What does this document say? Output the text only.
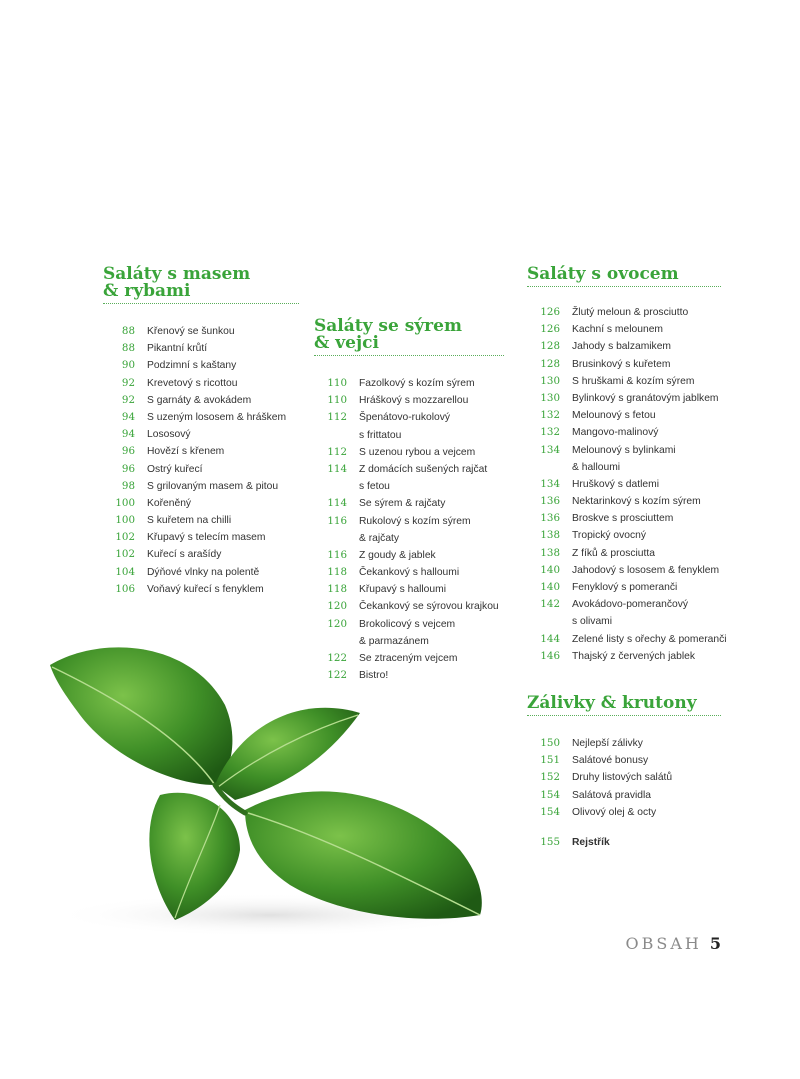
Saláty s masem
& rybami
88 Křenový se šunkou
88 Pikantní krůtí
90 Podzimní s kaštany
92 Krevetový s ricottou
92 S garnáty & avokádem
94 S uzeným lososem & hráškem
94 Lososový
96 Hovězí s křenem
96 Ostrý kuřecí
98 S grilovaným masem & pitou
100 Kořeněný
100 S kuřetem na chilli
102 Křupavý s telecím masem
102 Kuřecí s arašídy
104 Dýňové vlnky na polentě
106 Voňavý kuřecí s fenyklem
Saláty se sýrem
& vejci
110 Fazolkový s kozím sýrem
110 Hráškový s mozzarellou
112 Špenátovo-rukolový
s frittatou
112 S uzenou rybou a vejcem
114 Z domácích sušených rajčat
s fetou
114 Se sýrem & rajčaty
116 Rukolový s kozím sýrem
& rajčaty
116 Z goudy & jablek
118 Čekankový s halloumi
118 Křupavý s halloumi
120 Čekankový se sýrovou krajkou
120 Brokolicový s vejcem
& parmazánem
122 Se ztraceným vejcem
122 Bistro!
Saláty s ovocem
126 Žlutý meloun & prosciutto
126 Kachní s melounem
128 Jahody s balzamikem
128 Brusinkový s kuřetem
130 S hruškami & kozím sýrem
130 Bylinkový s granátovým jablkem
132 Melounový s fetou
132 Mangovo-malinový
134 Melounový s bylinkami
& halloumi
134 Hruškový s datlemi
136 Nektarinkový s kozím sýrem
136 Broskve s prosciuttem
138 Tropický ovocný
138 Z fíků & prosciutta
140 Jahodový s lososem & fenyklem
140 Fenyklový s pomeranči
142 Avokádovo-pomerančový
s olivami
144 Zelené listy s ořechy & pomeranči
146 Thajský z červených jablek
Zálivky & krutony
150 Nejlepší zálivky
151 Salátové bonusy
152 Druhy listových salátů
154 Salátová pravidla
154 Olivový olej & octy
155 Rejstřík
OBSAH 5
